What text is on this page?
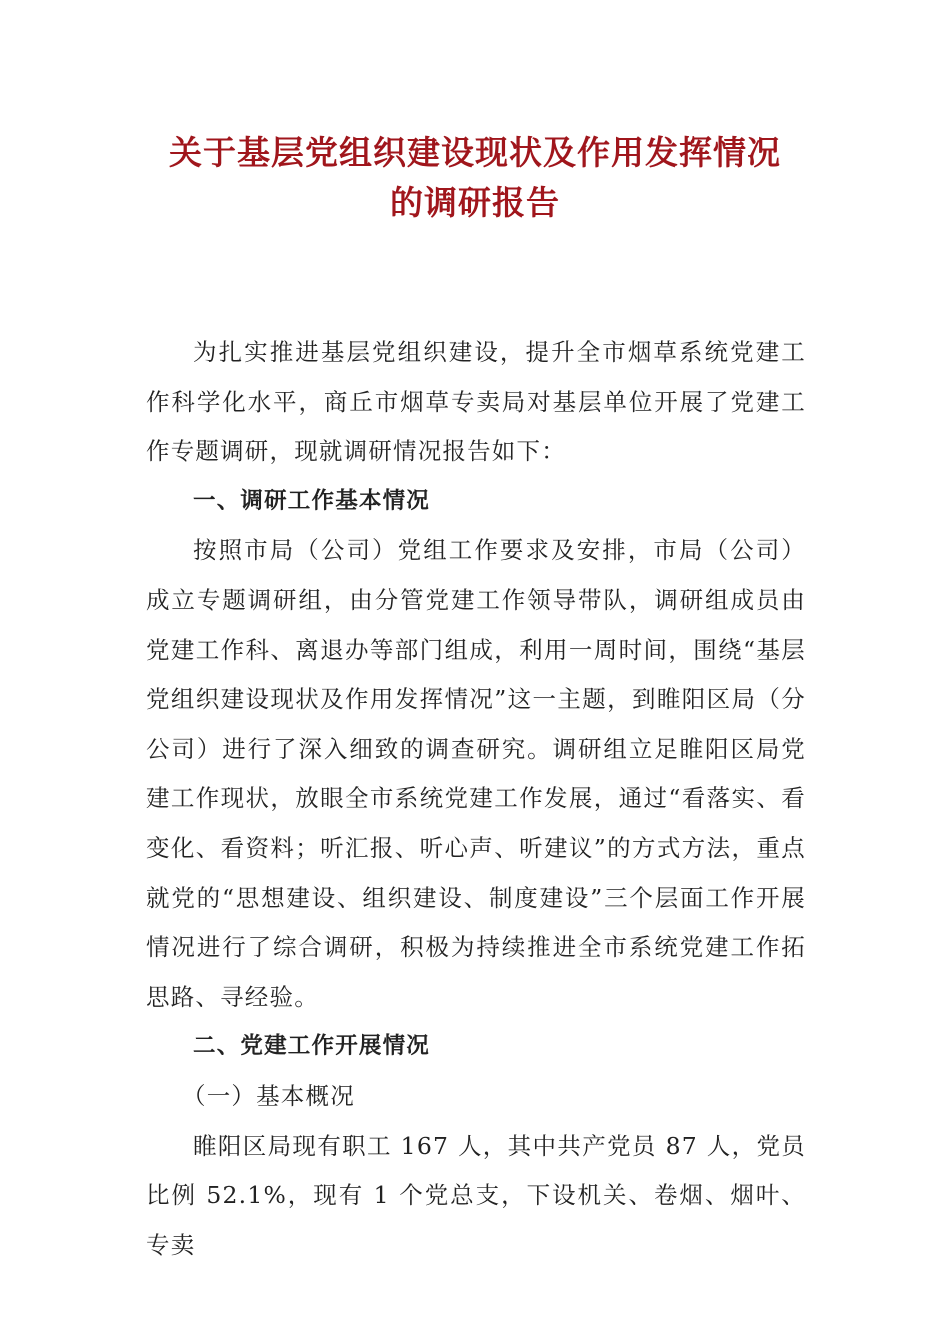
关于基层党组织建设现状及作用发挥情况
的调研报告

为扎实推进基层党组织建设，提升全市烟草系统党建工作科学化水平，商丘市烟草专卖局对基层单位开展了党建工作专题调研，现就调研情况报告如下：

一、调研工作基本情况

按照市局（公司）党组工作要求及安排，市局（公司）成立专题调研组，由分管党建工作领导带队，调研组成员由党建工作科、离退办等部门组成，利用一周时间，围绕“基层党组织建设现状及作用发挥情况”这一主题，到睢阳区局（分公司）进行了深入细致的调查研究。调研组立足睢阳区局党建工作现状，放眼全市系统党建工作发展，通过“看落实、看变化、看资料；听汇报、听心声、听建议”的方式方法，重点就党的“思想建设、组织建设、制度建设”三个层面工作开展情况进行了综合调研，积极为持续推进全市系统党建工作拓思路、寻经验。

二、党建工作开展情况

（一）基本概况

睢阳区局现有职工 167 人，其中共产党员 87 人，党员比例 52.1%，现有 1 个党总支，下设机关、卷烟、烟叶、专卖
